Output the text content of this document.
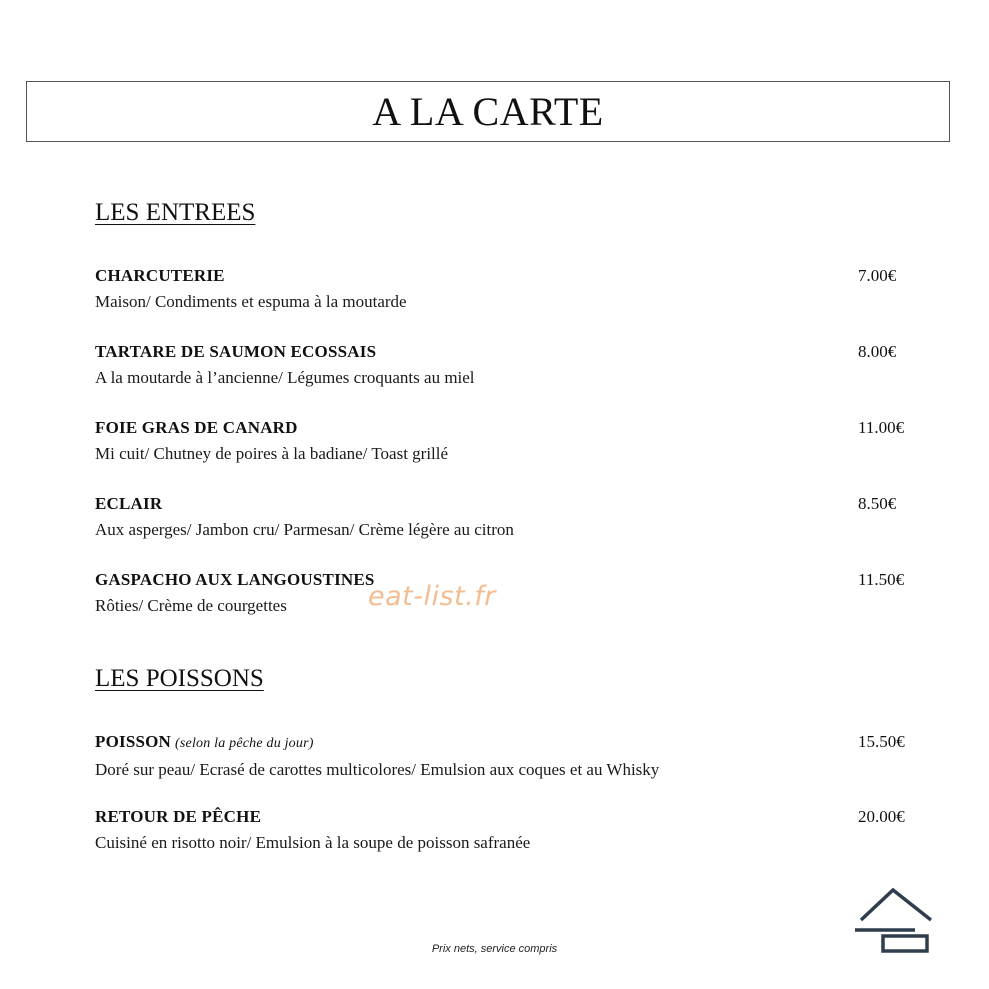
A LA CARTE
LES ENTREES
CHARCUTERIE
Maison/ Condiments et espuma à la moutarde
7.00€
TARTARE DE SAUMON ECOSSAIS
A la moutarde à l’ancienne/ Légumes croquants au miel
8.00€
FOIE GRAS DE CANARD
Mi cuit/ Chutney de poires à la badiane/ Toast grillé
11.00€
ECLAIR
Aux asperges/ Jambon cru/ Parmesan/ Crème légère au citron
8.50€
GASPACHO AUX LANGOUSTINES
Rôties/ Crème de courgettes
11.50€
LES POISSONS
POISSON (selon la pêche du jour)
Doré sur peau/ Ecrasé de carottes multicolores/ Emulsion aux coques et au Whisky
15.50€
RETOUR DE PÊCHE
Cuisiné en risotto noir/ Emulsion à la soupe de poisson safranée
20.00€
eat-list.fr
Prix nets, service compris
